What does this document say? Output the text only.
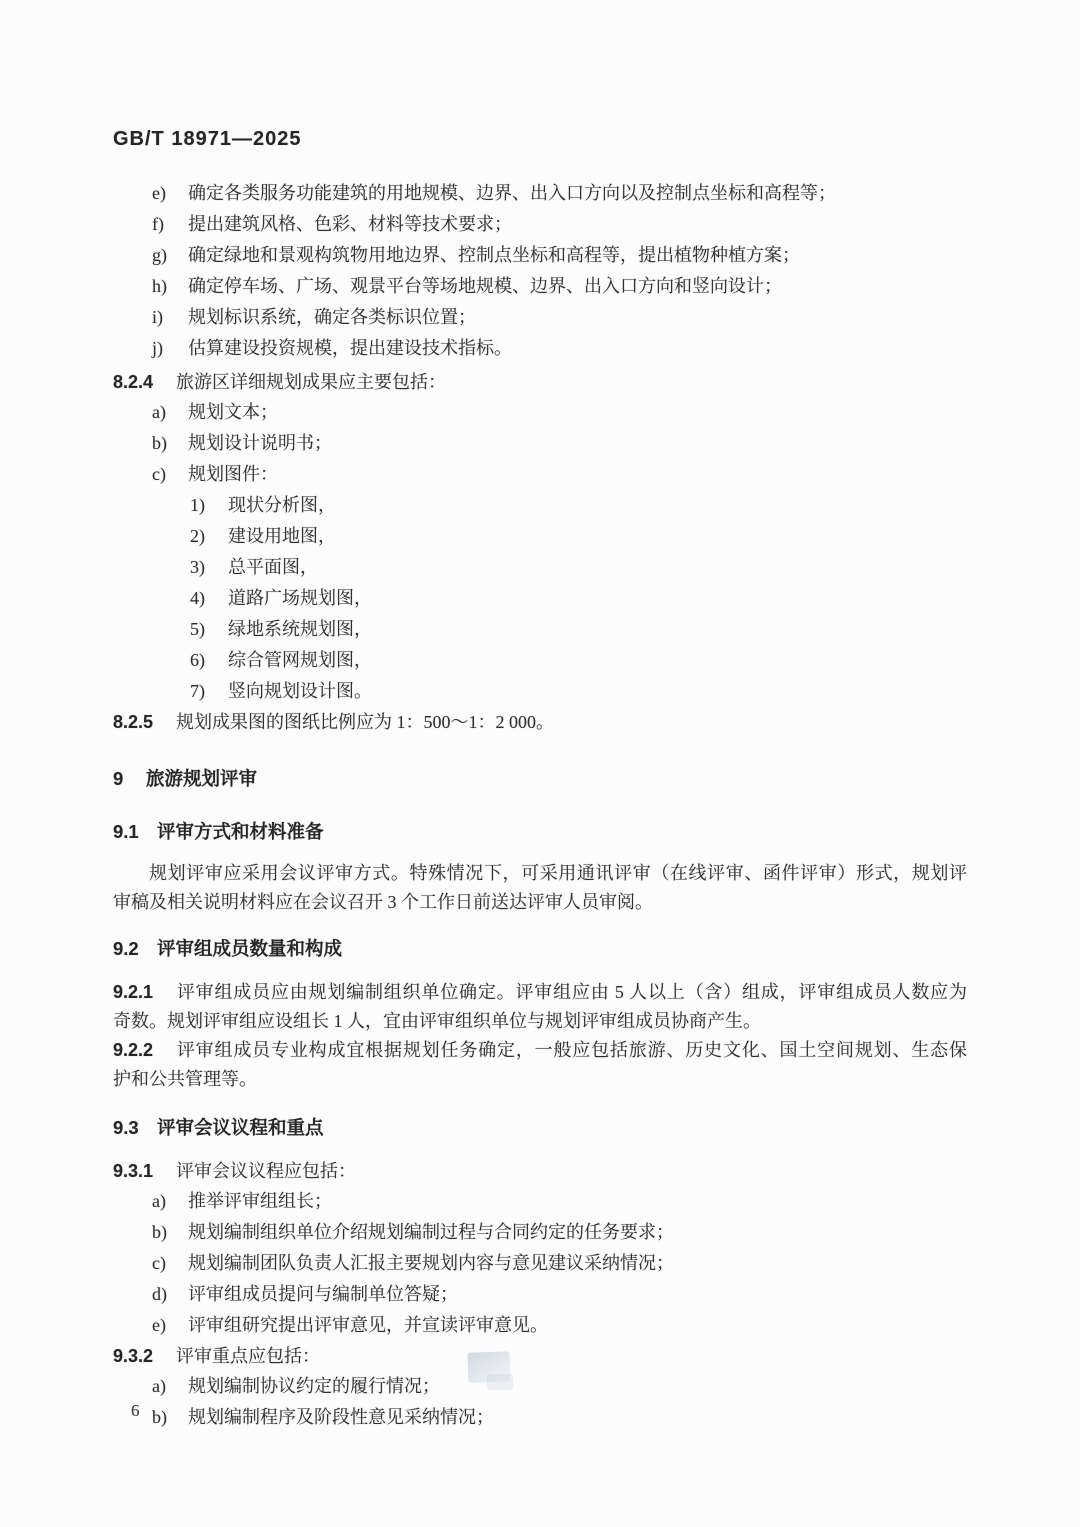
GB/T 18971—2025
e) 确定各类服务功能建筑的用地规模、边界、出入口方向以及控制点坐标和高程等；
f) 提出建筑风格、色彩、材料等技术要求；
g) 确定绿地和景观构筑物用地边界、控制点坐标和高程等，提出植物种植方案；
h) 确定停车场、广场、观景平台等场地规模、边界、出入口方向和竖向设计；
i) 规划标识系统，确定各类标识位置；
j) 估算建设投资规模，提出建设技术指标。
8.2.4 旅游区详细规划成果应主要包括：
a) 规划文本；
b) 规划设计说明书；
c) 规划图件：
1) 现状分析图，
2) 建设用地图，
3) 总平面图，
4) 道路广场规划图，
5) 绿地系统规划图，
6) 综合管网规划图，
7) 竖向规划设计图。
8.2.5 规划成果图的图纸比例应为 1：500～1：2 000。
9 旅游规划评审
9.1 评审方式和材料准备
规划评审应采用会议评审方式。特殊情况下，可采用通讯评审（在线评审、函件评审）形式，规划评
审稿及相关说明材料应在会议召开 3 个工作日前送达评审人员审阅。
9.2 评审组成员数量和构成
9.2.1 评审组成员应由规划编制组织单位确定。评审组应由 5 人以上（含）组成，评审组成员人数应为
奇数。规划评审组应设组长 1 人，宜由评审组织单位与规划评审组成员协商产生。
9.2.2 评审组成员专业构成宜根据规划任务确定，一般应包括旅游、历史文化、国土空间规划、生态保
护和公共管理等。
9.3 评审会议议程和重点
9.3.1 评审会议议程应包括：
a) 推举评审组组长；
b) 规划编制组织单位介绍规划编制过程与合同约定的任务要求；
c) 规划编制团队负责人汇报主要规划内容与意见建议采纳情况；
d) 评审组成员提问与编制单位答疑；
e) 评审组研究提出评审意见，并宣读评审意见。
9.3.2 评审重点应包括：
a) 规划编制协议约定的履行情况；
b) 规划编制程序及阶段性意见采纳情况；
6
